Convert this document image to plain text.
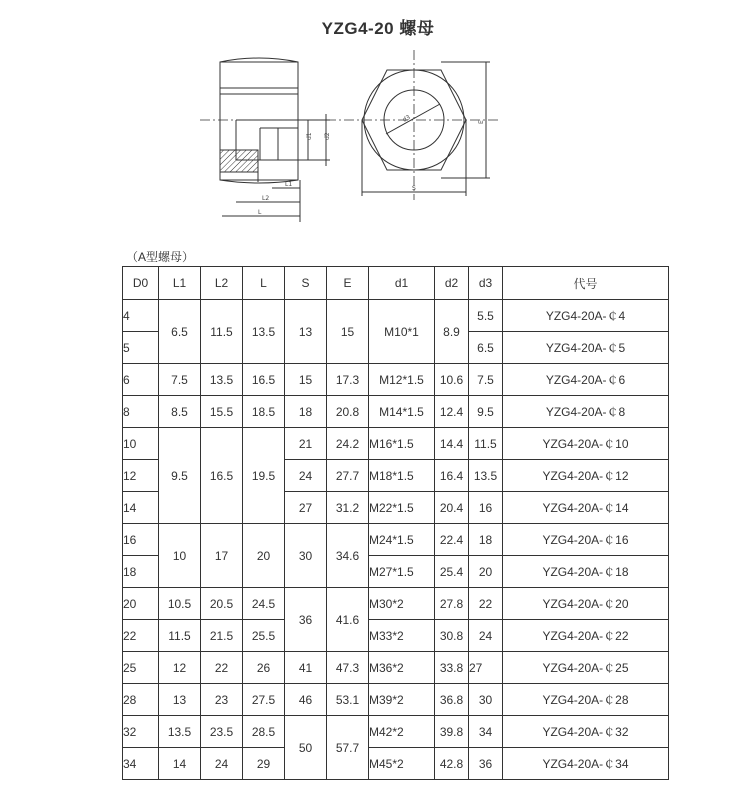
YZG4-20 螺母
L1
L2
L
d1 d2
d3
S
E
（A型螺母）
D0	L1	L2	L	S	E	d1	d2	d3	代号
4	6.5	11.5	13.5	13	15	M10*1	8.9	5.5	YZG4-20A-￠4
5								6.5	YZG4-20A-￠5
6	7.5	13.5	16.5	15	17.3	M12*1.5	10.6	7.5	YZG4-20A-￠6
8	8.5	15.5	18.5	18	20.8	M14*1.5	12.4	9.5	YZG4-20A-￠8
10	9.5	16.5	19.5	21	24.2	M16*1.5	14.4	11.5	YZG4-20A-￠10
12				24	27.7	M18*1.5	16.4	13.5	YZG4-20A-￠12
14				27	31.2	M22*1.5	20.4	16	YZG4-20A-￠14
16	10	17	20	30	34.6	M24*1.5	22.4	18	YZG4-20A-￠16
18						M27*1.5	25.4	20	YZG4-20A-￠18
20	10.5	20.5	24.5	36	41.6	M30*2	27.8	22	YZG4-20A-￠20
22	11.5	21.5	25.5			M33*2	30.8	24	YZG4-20A-￠22
25	12	22	26	41	47.3	M36*2	33.8	27	YZG4-20A-￠25
28	13	23	27.5	46	53.1	M39*2	36.8	30	YZG4-20A-￠28
32	13.5	23.5	28.5	50	57.7	M42*2	39.8	34	YZG4-20A-￠32
34	14	24	29			M45*2	42.8	36	YZG4-20A-￠34
